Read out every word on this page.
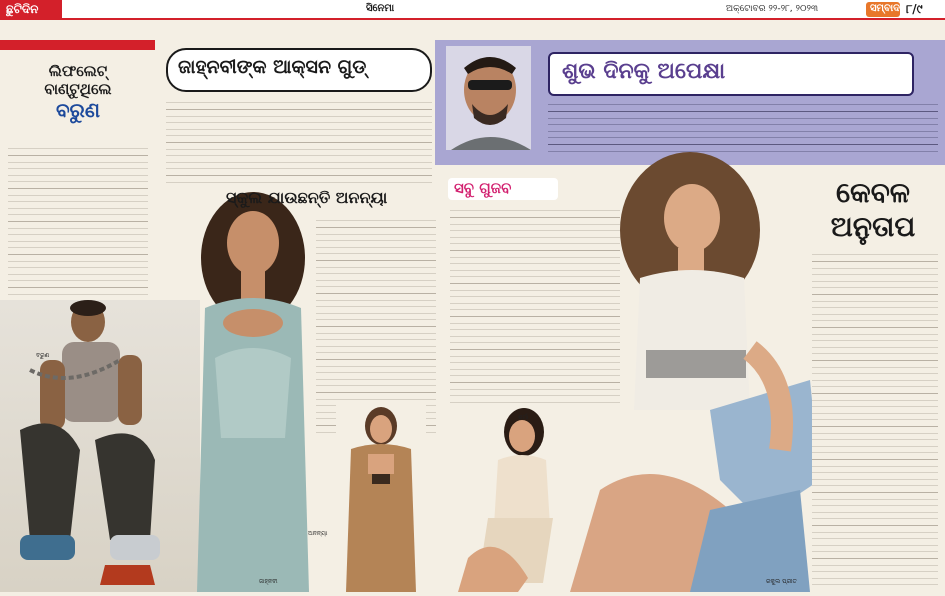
ଛୁଟିଦିନ	ସିନେମା	ଅକ୍ଟୋବର ୨୨-୨୮, ୨୦୨୩	ସମ୍ବାଦ ୮/୯
ଲିଫଲେଟ୍
ବାଣ୍ଟୁଥିଲେ
ବରୁଣ
ବରୁଣ
ଜାହ୍ନବୀଙ୍କ ଆକ୍ସନ ଗୁଡ୍
ଜାହ୍ନବୀ
ସ୍କୁଲ ଯାଉଛନ୍ତି ଅନନ୍ୟା
ଅନନ୍ୟା
ଶୁଭ ଦିନକୁ ଅପେକ୍ଷା
ସବୁ ଗୁଜବ
ଶର୍ମା
ରକୁଲ ପ୍ରୀତ
କେବଳ
ଅନୁତାପ
